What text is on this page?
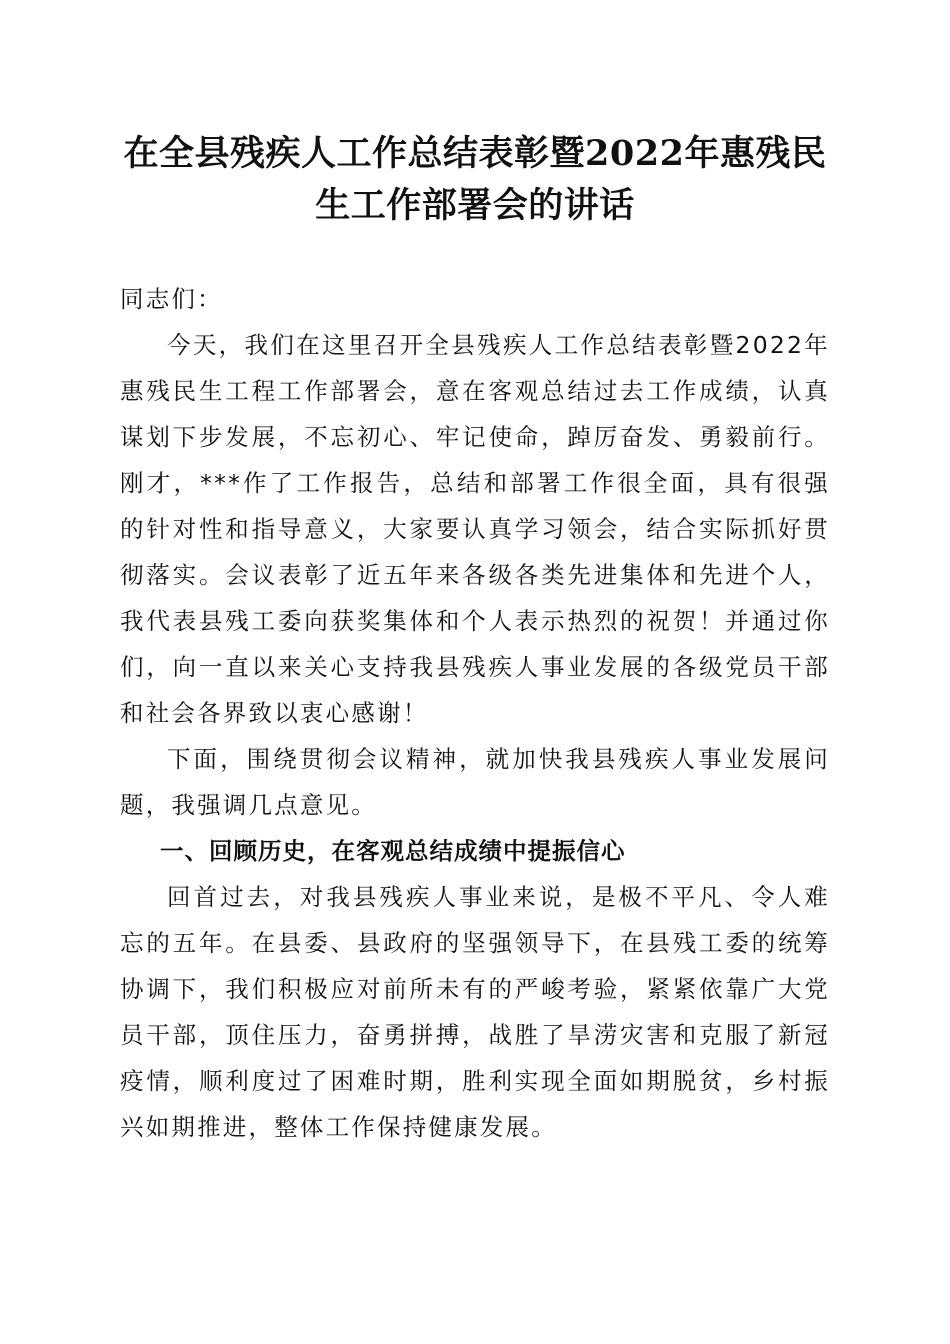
在全县残疾人工作总结表彰暨2022年惠残民
生工作部署会的讲话

同志们：

今天，我们在这里召开全县残疾人工作总结表彰暨2022年惠残民生工程工作部署会，意在客观总结过去工作成绩，认真谋划下步发展，不忘初心、牢记使命，踔厉奋发、勇毅前行。刚才，***作了工作报告，总结和部署工作很全面，具有很强的针对性和指导意义，大家要认真学习领会，结合实际抓好贯彻落实。会议表彰了近五年来各级各类先进集体和先进个人，我代表县残工委向获奖集体和个人表示热烈的祝贺！并通过你们，向一直以来关心支持我县残疾人事业发展的各级党员干部和社会各界致以衷心感谢！

下面，围绕贯彻会议精神，就加快我县残疾人事业发展问题，我强调几点意见。

一、回顾历史，在客观总结成绩中提振信心

回首过去，对我县残疾人事业来说，是极不平凡、令人难忘的五年。在县委、县政府的坚强领导下，在县残工委的统筹协调下，我们积极应对前所未有的严峻考验，紧紧依靠广大党员干部，顶住压力，奋勇拼搏，战胜了旱涝灾害和克服了新冠疫情，顺利度过了困难时期，胜利实现全面如期脱贫，乡村振兴如期推进，整体工作保持健康发展。
